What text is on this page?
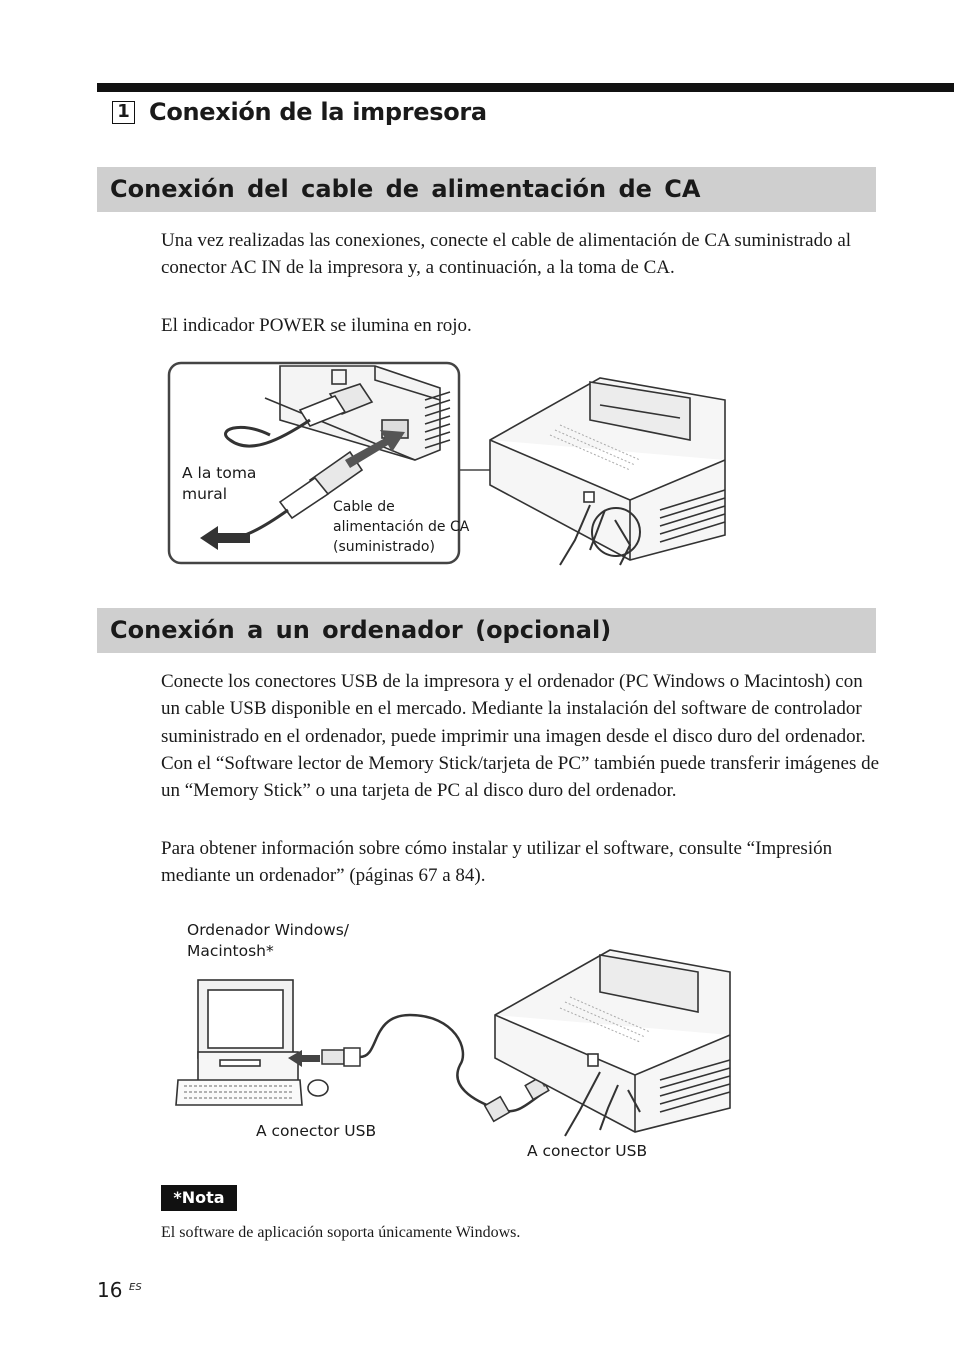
1 Conexión de la impresora
Conexión del cable de alimentación de CA

Una vez realizadas las conexiones, conecte el cable de alimentación de CA suministrado al conector AC IN de la impresora y, a continuación, a la toma de CA.

El indicador POWER se ilumina en rojo.

A la toma
mural
Cable de
alimentación de CA
(suministrado)
Conexión a un ordenador (opcional)

Conecte los conectores USB de la impresora y el ordenador (PC Windows o Macintosh) con un cable USB disponible en el mercado. Mediante la instalación del software de controlador suministrado en el ordenador, puede imprimir una imagen desde el disco duro del ordenador. Con el “Software lector de Memory Stick/tarjeta de PC” también puede transferir imágenes de un “Memory Stick” o una tarjeta de PC al disco duro del ordenador.

Para obtener información sobre cómo instalar y utilizar el software, consulte “Impresión mediante un ordenador” (páginas 67 a 84).

Ordenador Windows/
Macintosh*
A conector USB
A conector USB
*Nota

El software de aplicación soporta únicamente Windows.

16 ES
